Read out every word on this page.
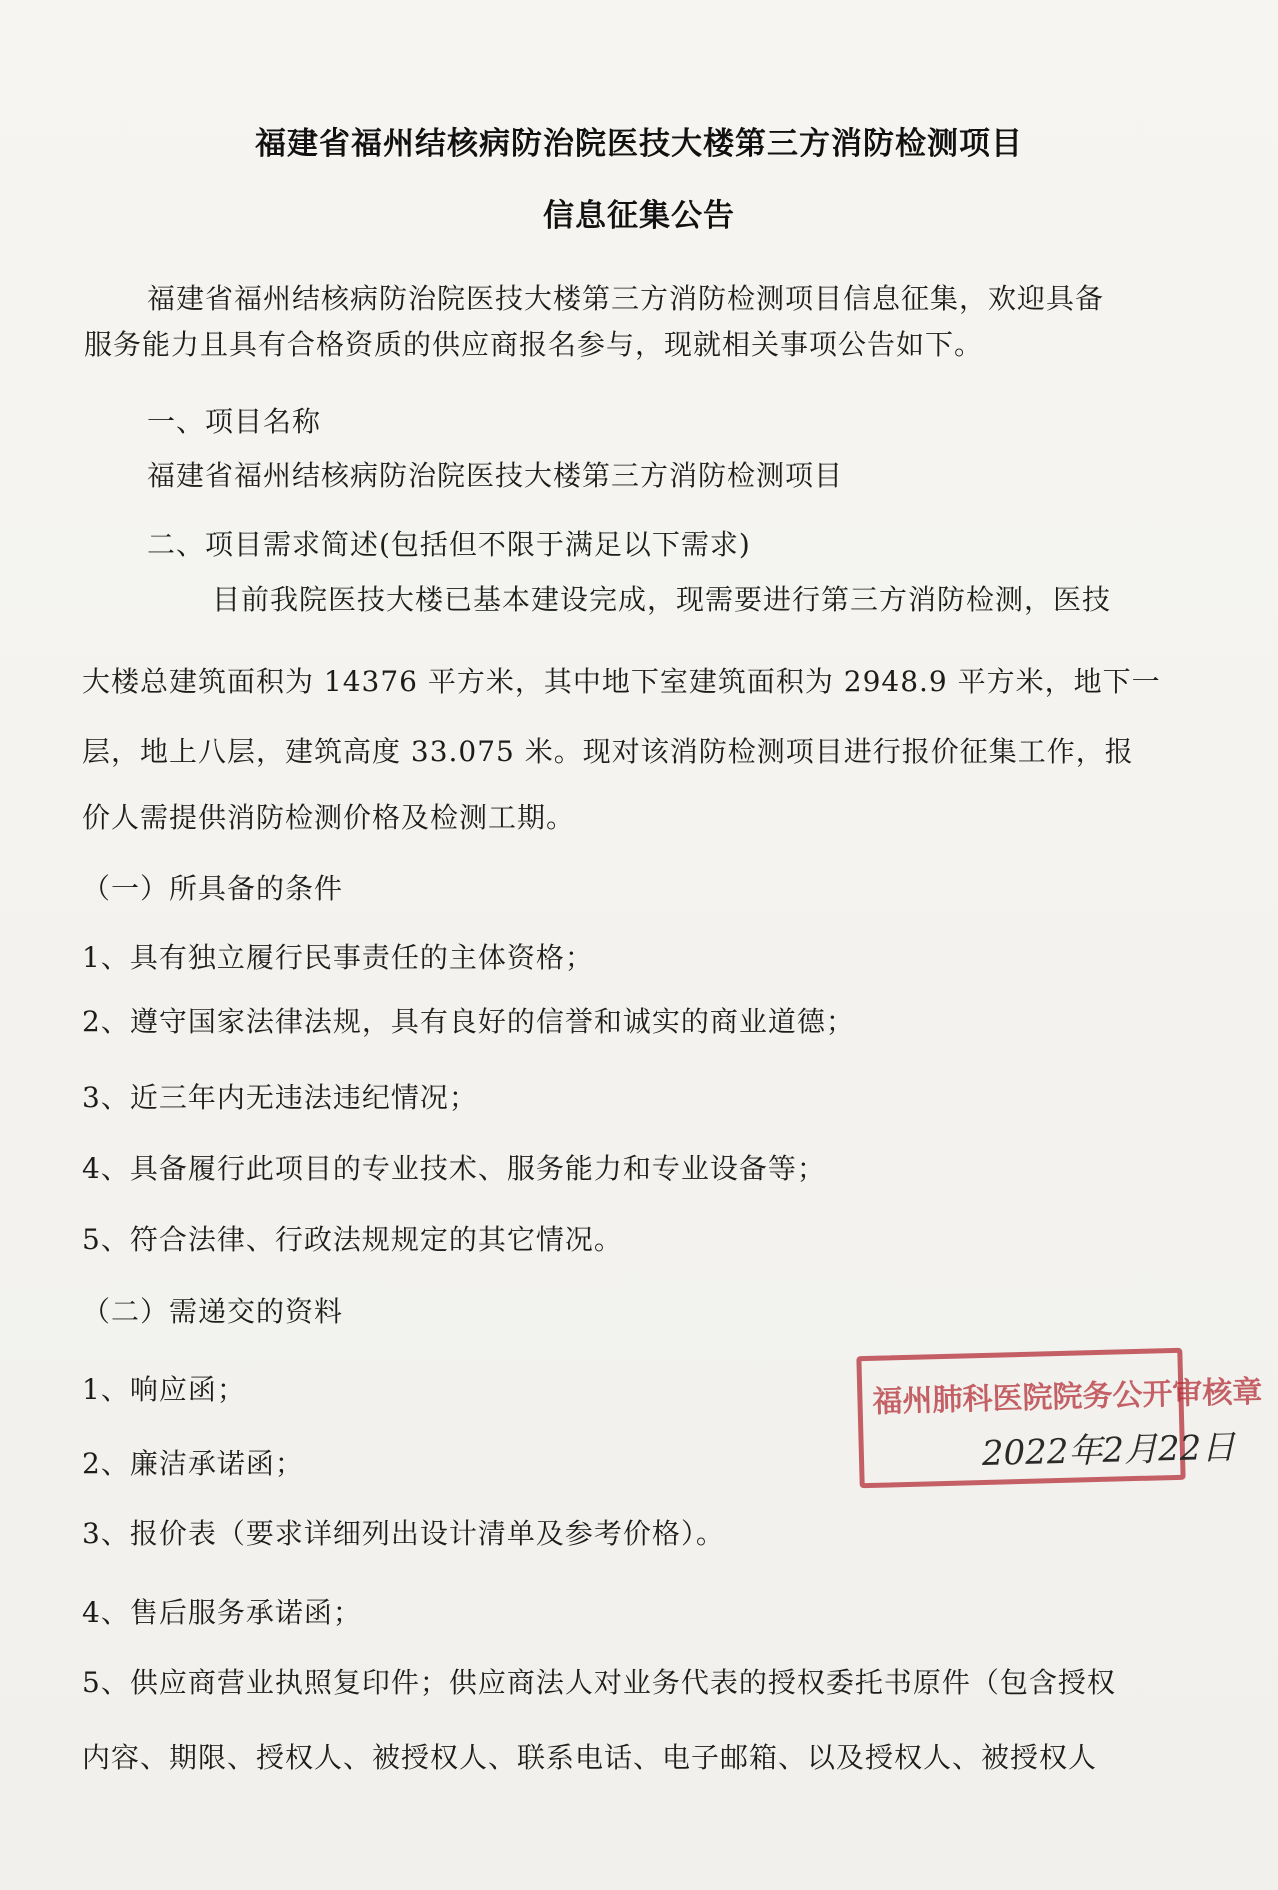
福建省福州结核病防治院医技大楼第三方消防检测项目
信息征集公告
福建省福州结核病防治院医技大楼第三方消防检测项目信息征集，欢迎具备
服务能力且具有合格资质的供应商报名参与，现就相关事项公告如下。
一、项目名称
福建省福州结核病防治院医技大楼第三方消防检测项目
二、项目需求简述(包括但不限于满足以下需求)
目前我院医技大楼已基本建设完成，现需要进行第三方消防检测，医技
大楼总建筑面积为 14376 平方米，其中地下室建筑面积为 2948.9 平方米，地下一
层，地上八层，建筑高度 33.075 米。现对该消防检测项目进行报价征集工作，报
价人需提供消防检测价格及检测工期。
（一）所具备的条件
1、具有独立履行民事责任的主体资格；
2、遵守国家法律法规，具有良好的信誉和诚实的商业道德；
3、近三年内无违法违纪情况；
4、具备履行此项目的专业技术、服务能力和专业设备等；
5、符合法律、行政法规规定的其它情况。
（二）需递交的资料
1、响应函；
2、廉洁承诺函；
3、报价表（要求详细列出设计清单及参考价格）。
4、售后服务承诺函；
5、供应商营业执照复印件；供应商法人对业务代表的授权委托书原件（包含授权
内容、期限、授权人、被授权人、联系电话、电子邮箱、以及授权人、被授权人
福州肺科医院院务公开审核章
2022年2月22日
